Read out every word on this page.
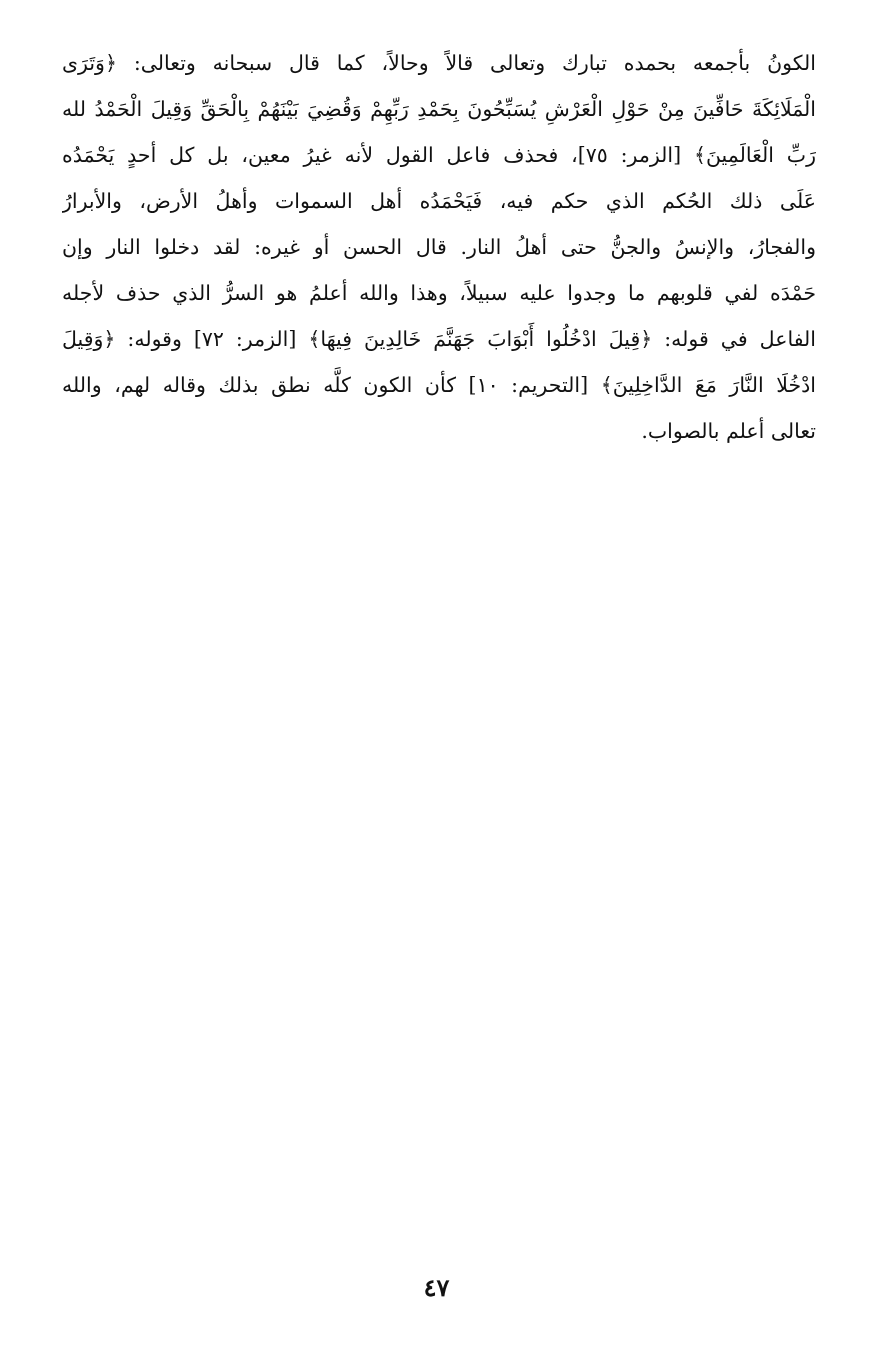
الكونُ بأجمعه بحمده تبارك وتعالى قالاً وحالاً، كما قال سبحانه وتعالى: ﴿وَتَرَى
الْمَلَائِكَةَ حَافِّينَ مِنْ حَوْلِ الْعَرْشِ يُسَبِّحُونَ بِحَمْدِ رَبِّهِمْ وَقُضِيَ بَيْنَهُمْ بِالْحَقِّ وَقِيلَ الْحَمْدُ لله
رَبِّ الْعَالَمِينَ﴾ [الزمر: ٧٥]، فحذف فاعل القول لأنه غيرُ معين، بل كل أحدٍ يَحْمَدُه
عَلَى ذلك الحُكم الذي حكم فيه، فَيَحْمَدُه أهل السموات وأهلُ الأرض، والأبرارُ
والفجارُ، والإنسُ والجنُّ حتى أهلُ النار. قال الحسن أو غيره: لقد دخلوا النار وإن
حَمْدَه لفي قلوبهم ما وجدوا عليه سبيلاً، وهذا والله أعلمُ هو السرُّ الذي حذف لأجله
الفاعل في قوله: ﴿قِيلَ ادْخُلُوا أَبْوَابَ جَهَنَّمَ خَالِدِينَ فِيهَا﴾ [الزمر: ٧٢] وقوله: ﴿وَقِيلَ
ادْخُلَا النَّارَ مَعَ الدَّاخِلِينَ﴾ [التحريم: ١٠] كأن الكون كلَّه نطق بذلك وقاله لهم، والله
تعالى أعلم بالصواب.
٤٧
